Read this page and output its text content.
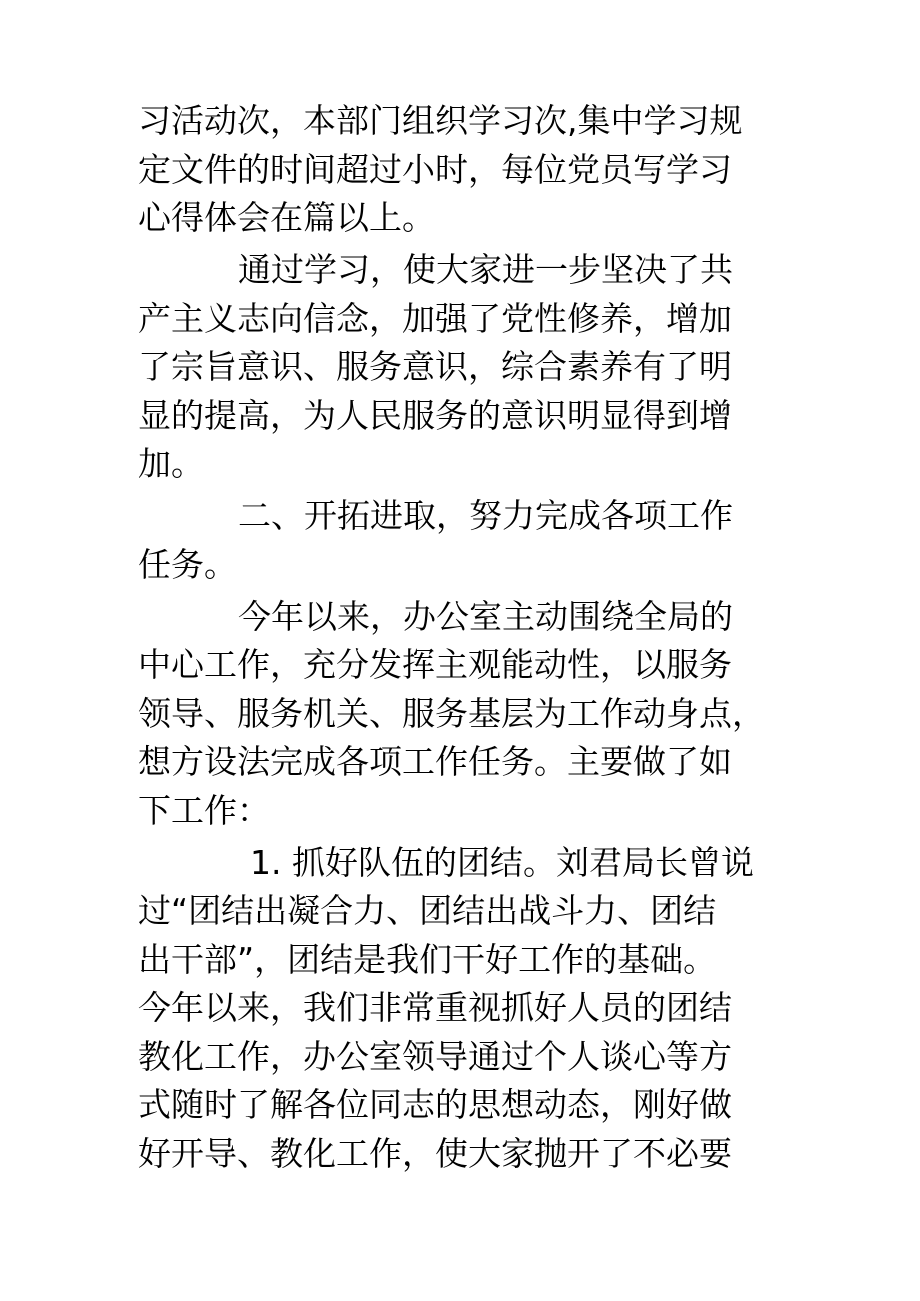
习活动次，本部门组织学习次,集中学习规
定文件的时间超过小时，每位党员写学习
心得体会在篇以上。

通过学习，使大家进一步坚决了共
产主义志向信念，加强了党性修养，增加
了宗旨意识、服务意识，综合素养有了明
显的提高，为人民服务的意识明显得到增
加。

二、开拓进取，努力完成各项工作
任务。

今年以来，办公室主动围绕全局的
中心工作，充分发挥主观能动性，以服务
领导、服务机关、服务基层为工作动身点，
想方设法完成各项工作任务。主要做了如
下工作：

1. 抓好队伍的团结。刘君局长曾说
过“团结出凝合力、团结出战斗力、团结
出干部”，团结是我们干好工作的基础。
今年以来，我们非常重视抓好人员的团结
教化工作，办公室领导通过个人谈心等方
式随时了解各位同志的思想动态，刚好做
好开导、教化工作，使大家抛开了不必要
